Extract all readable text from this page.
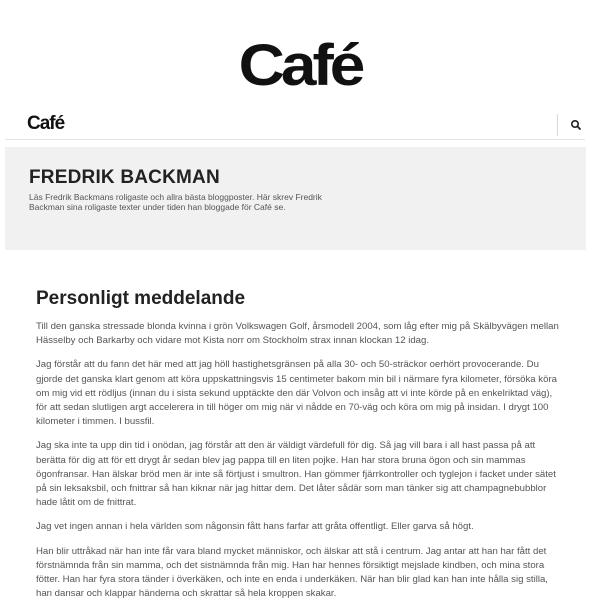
Café
Café
FREDRIK BACKMAN

Läs Fredrik Backmans roligaste och allra bästa bloggposter. Här skrev Fredrik Backman sina roligaste texter under tiden han bloggade för Café se.

Personligt meddelande

Till den ganska stressade blonda kvinna i grön Volkswagen Golf, årsmodell 2004, som låg efter mig på Skälbyvägen mellan Hässelby och Barkarby och vidare mot Kista norr om Stockholm strax innan klockan 12 idag.

Jag förstår att du fann det här med att jag höll hastighetsgränsen på alla 30- och 50-sträckor oerhört provocerande. Du gjorde det ganska klart genom att köra uppskattningsvis 15 centimeter bakom min bil i närmare fyra kilometer, försöka köra om mig vid ett rödljus (innan du i sista sekund upptäckte den där Volvon och insåg att vi inte körde på en enkelriktad väg), för att sedan slutligen argt accelerera in till höger om mig när vi nådde en 70-väg och köra om mig på insidan. I drygt 100 kilometer i timmen. I bussfil.

Jag ska inte ta upp din tid i onödan, jag förstår att den är väldigt värdefull för dig. Så jag vill bara i all hast passa på att berätta för dig att för ett drygt år sedan blev jag pappa till en liten pojke. Han har stora bruna ögon och sin mammas ögonfransar. Han älskar bröd men är inte så förtjust i smultron. Han gömmer fjärrkontroller och tyglejon i facket under sätet på sin leksaksbil, och fnittrar så han kiknar när jag hittar dem. Det låter sådär som man tänker sig att champagnebubblor hade låtit om de fnittrat.

Jag vet ingen annan i hela världen som någonsin fått hans farfar att gråta offentligt. Eller garva så högt.

Han blir uttråkad när han inte får vara bland mycket människor, och älskar att stå i centrum. Jag antar att han har fått det förstnämnda från sin mamma, och det sistnämnda från mig. Han har hennes försiktigt mejslade kindben, och mina stora fötter. Han har fyra stora tänder i överkäken, och inte en enda i underkäken. När han blir glad kan han inte hålla sig stilla, han dansar och klappar händerna och skrattar så hela kroppen skakar.
